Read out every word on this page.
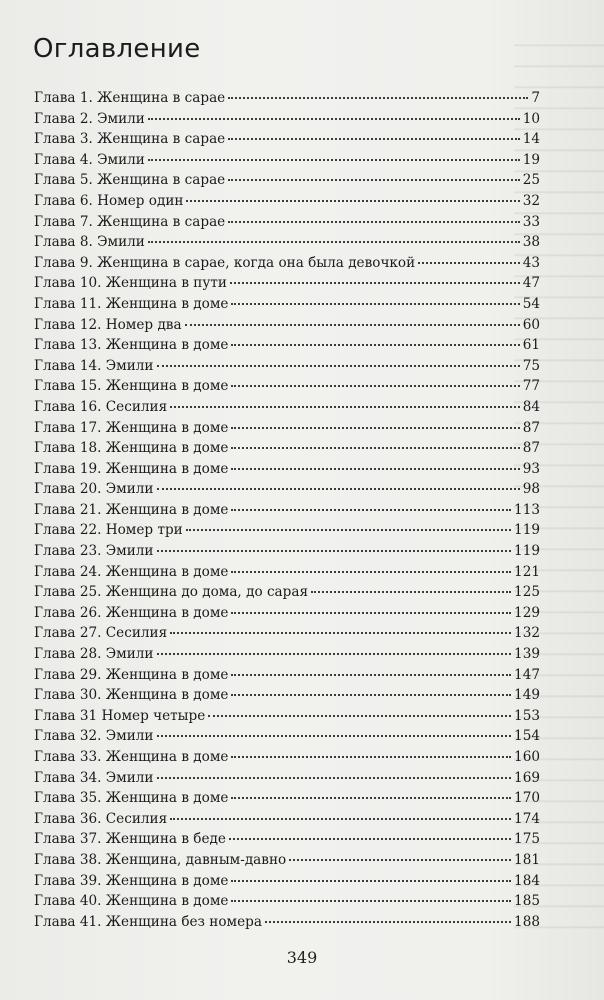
Оглавление
Глава 1. Женщина в сарае	7
Глава 2. Эмили	10
Глава 3. Женщина в сарае	14
Глава 4. Эмили	19
Глава 5. Женщина в сарае	25
Глава 6. Номер один	32
Глава 7. Женщина в сарае	33
Глава 8. Эмили	38
Глава 9. Женщина в сарае, когда она была девочкой	43
Глава 10. Женщина в пути	47
Глава 11. Женщина в доме	54
Глава 12. Номер два	60
Глава 13. Женщина в доме	61
Глава 14. Эмили	75
Глава 15. Женщина в доме	77
Глава 16. Сесилия	84
Глава 17. Женщина в доме	87
Глава 18. Женщина в доме	87
Глава 19. Женщина в доме	93
Глава 20. Эмили	98
Глава 21. Женщина в доме	113
Глава 22. Номер три	119
Глава 23. Эмили	119
Глава 24. Женщина в доме	121
Глава 25. Женщина до дома, до сарая	125
Глава 26. Женщина в доме	129
Глава 27. Сесилия	132
Глава 28. Эмили	139
Глава 29. Женщина в доме	147
Глава 30. Женщина в доме	149
Глава 31 Номер четыре	153
Глава 32. Эмили	154
Глава 33. Женщина в доме	160
Глава 34. Эмили	169
Глава 35. Женщина в доме	170
Глава 36. Сесилия	174
Глава 37. Женщина в беде	175
Глава 38. Женщина, давным-давно	181
Глава 39. Женщина в доме	184
Глава 40. Женщина в доме	185
Глава 41. Женщина без номера	188
349
